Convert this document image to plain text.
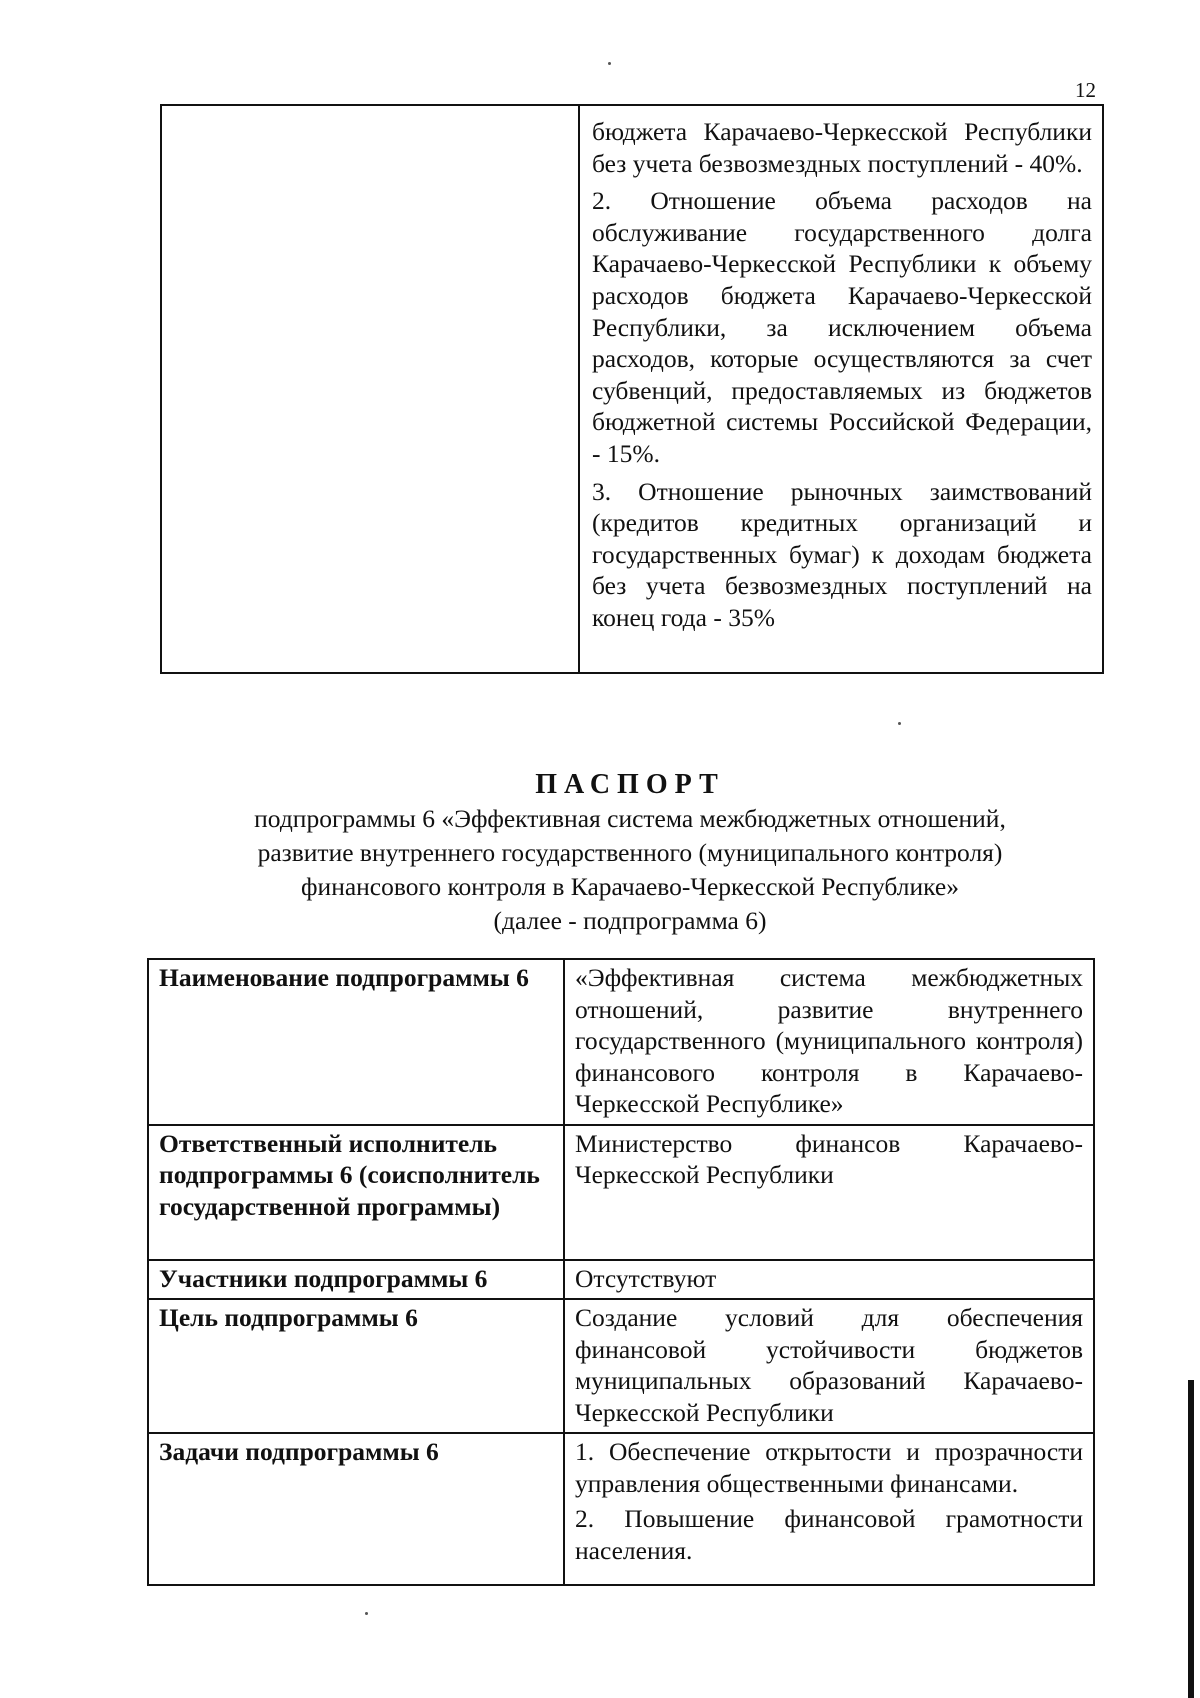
12

бюджета Карачаево-Черкесской Республики без учета безвозмездных поступлений - 40%.

2. Отношение объема расходов на обслуживание государственного долга Карачаево-Черкесской Республики к объему расходов бюджета Карачаево-Черкесской Республики, за исключением объема расходов, которые осуществляются за счет субвенций, предоставляемых из бюджетов бюджетной системы Российской Федерации, - 15%.

3. Отношение рыночных заимствований (кредитов кредитных организаций и государственных бумаг) к доходам бюджета без учета безвозмездных поступлений на конец года - 35%

ПАСПОРТ
подпрограммы 6 «Эффективная система межбюджетных отношений,
развитие внутреннего государственного (муниципального контроля)
финансового контроля в Карачаево-Черкесской Республике»
(далее - подпрограмма 6)
Наименование подпрограммы 6	«Эффективная система межбюджетных отношений, развитие внутреннего государственного (муниципального контроля) финансового контроля в Карачаево-Черкесской Республике»

Ответственный исполнитель подпрограммы 6 (соисполнитель государственной программы)	Министерство финансов Карачаево-Черкесской Республики

Участники подпрограммы 6	Отсутствуют

Цель подпрограммы 6	Создание условий для обеспечения финансовой устойчивости бюджетов муниципальных образований Карачаево-Черкесской Республики

Задачи подпрограммы 6	1. Обеспечение открытости и прозрачности управления общественными финансами.

2. Повышение финансовой грамотности населения.
